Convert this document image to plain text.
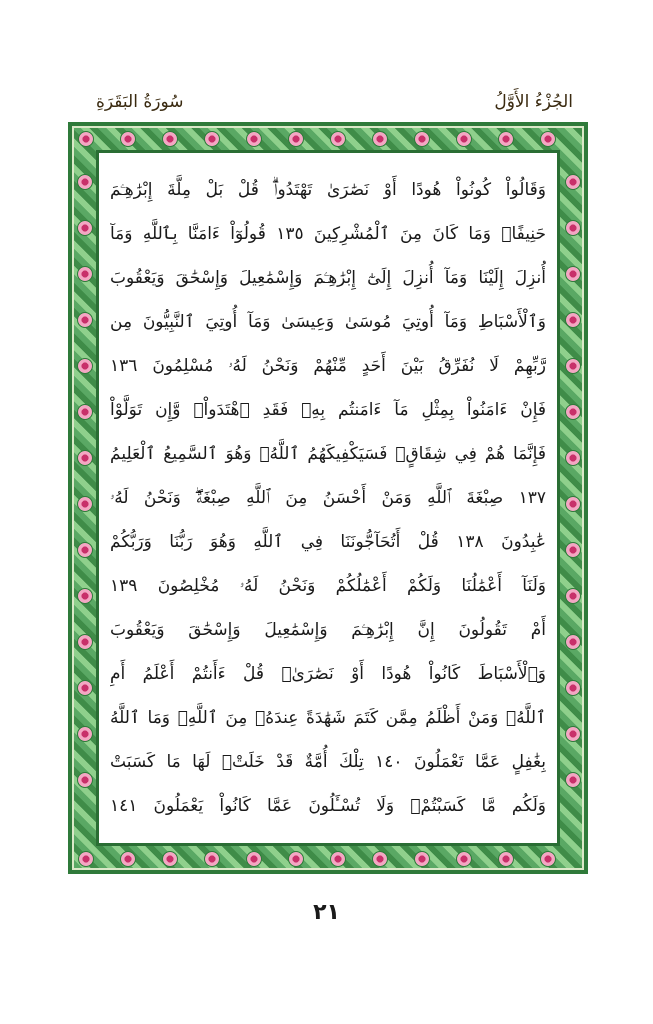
سُورَةُ البَقَرَةِ	الجُزْءُ الأَوَّلُ
وَقَالُواْ كُونُواْ هُودًا أَوْ نَصَٰرَىٰ تَهْتَدُواْۗ قُلْ بَلْ مِلَّةَ إِبْرَٰهِـۧمَ
حَنِيفًاۖ وَمَا كَانَ مِنَ ٱلْمُشْرِكِينَ ١٣٥ قُولُوٓاْ ءَامَنَّا بِٱللَّهِ وَمَآ
أُنزِلَ إِلَيْنَا وَمَآ أُنزِلَ إِلَىٰٓ إِبْرَٰهِـۧمَ وَإِسْمَٰعِيلَ وَإِسْحَٰقَ وَيَعْقُوبَ
وَٱلْأَسْبَاطِ وَمَآ أُوتِيَ مُوسَىٰ وَعِيسَىٰ وَمَآ أُوتِيَ ٱلنَّبِيُّونَ مِن
رَّبِّهِمْ لَا نُفَرِّقُ بَيْنَ أَحَدٍ مِّنْهُمْ وَنَحْنُ لَهُۥ مُسْلِمُونَ ١٣٦
فَإِنْ ءَامَنُواْ بِمِثْلِ مَآ ءَامَنتُم بِهِۦ فَقَدِ ٱهْتَدَواْۖ وَّإِن تَوَلَّوْاْ
فَإِنَّمَا هُمْ فِي شِقَاقٍۖ فَسَيَكْفِيكَهُمُ ٱللَّهُۚ وَهُوَ ٱلسَّمِيعُ ٱلْعَلِيمُ
١٣٧ صِبْغَةَ ٱللَّهِ وَمَنْ أَحْسَنُ مِنَ ٱللَّهِ صِبْغَةًۖ وَنَحْنُ لَهُۥ
عَٰبِدُونَ ١٣٨ قُلْ أَتُحَآجُّونَنَا فِي ٱللَّهِ وَهُوَ رَبُّنَا وَرَبُّكُمْ
وَلَنَآ أَعْمَٰلُنَا وَلَكُمْ أَعْمَٰلُكُمْ وَنَحْنُ لَهُۥ مُخْلِصُونَ ١٣٩
أَمْ تَقُولُونَ إِنَّ إِبْرَٰهِـۧمَ وَإِسْمَٰعِيلَ وَإِسْحَٰقَ وَيَعْقُوبَ
وَٱلْأَسْبَاطَ كَانُواْ هُودًا أَوْ نَصَٰرَىٰۗ قُلْ ءَأَنتُمْ أَعْلَمُ أَمِ
ٱللَّهُۗ وَمَنْ أَظْلَمُ مِمَّن كَتَمَ شَهَٰدَةً عِندَهُۥ مِنَ ٱللَّهِۗ وَمَا ٱللَّهُ
بِغَٰفِلٍ عَمَّا تَعْمَلُونَ ١٤٠ تِلْكَ أُمَّةٌ قَدْ خَلَتْۖ لَهَا مَا كَسَبَتْ
وَلَكُم مَّا كَسَبْتُمْۖ وَلَا تُسْـَٔلُونَ عَمَّا كَانُواْ يَعْمَلُونَ ١٤١
٢١
